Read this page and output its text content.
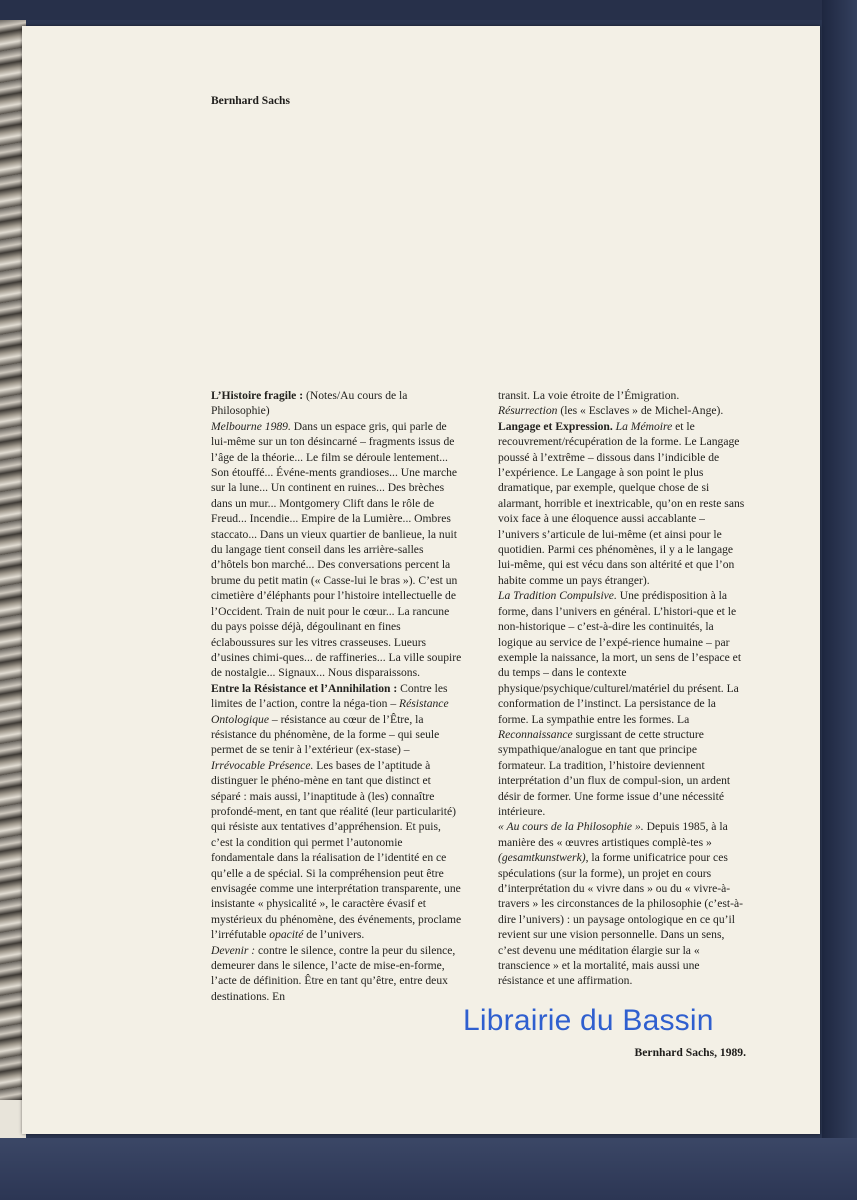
Bernhard Sachs

L’Histoire fragile : (Notes/Au cours de la Philosophie)

Melbourne 1989. Dans un espace gris, qui parle de lui-même sur un ton désincarné – fragments issus de l’âge de la théorie... Le film se déroule lentement... Son étouffé... Événe-ments grandioses... Une marche sur la lune... Un continent en ruines... Des brèches dans un mur... Montgomery Clift dans le rôle de Freud... Incendie... Empire de la Lumière... Ombres staccato... Dans un vieux quartier de banlieue, la nuit du langage tient conseil dans les arrière-salles d’hôtels bon marché... Des conversations percent la brume du petit matin (« Casse-lui le bras »). C’est un cimetière d’éléphants pour l’histoire intellectuelle de l’Occident. Train de nuit pour le cœur... La rancune du pays poisse déjà, dégoulinant en fines éclaboussures sur les vitres crasseuses. Lueurs d’usines chimi-ques... de raffineries... La ville soupire de nostalgie... Signaux... Nous disparaissons.

Entre la Résistance et l’Annihilation : Contre les limites de l’action, contre la néga-tion – Résistance Ontologique – résistance au cœur de l’Être, la résistance du phénomène, de la forme – qui seule permet de se tenir à l’extérieur (ex-stase) – Irrévocable Présence. Les bases de l’aptitude à distinguer le phéno-mène en tant que distinct et séparé : mais aussi, l’inaptitude à (les) connaître profondé-ment, en tant que réalité (leur particularité) qui résiste aux tentatives d’appréhension. Et puis, c’est la condition qui permet l’autonomie fondamentale dans la réalisation de l’identité en ce qu’elle a de spécial. Si la compréhension peut être envisagée comme une interprétation transparente, une insistante « physicalité », le caractère évasif et mystérieux du phénomène, des événements, proclame l’irréfutable opacité de l’univers.

Devenir : contre le silence, contre la peur du silence, demeurer dans le silence, l’acte de mise-en-forme, l’acte de définition. Être en tant qu’être, entre deux destinations. En

transit. La voie étroite de l’Émigration.

Résurrection (les « Esclaves » de Michel-Ange).

Langage et Expression. La Mémoire et le recouvrement/récupération de la forme. Le Langage poussé à l’extrême – dissous dans l’indicible de l’expérience. Le Langage à son point le plus dramatique, par exemple, quelque chose de si alarmant, horrible et inextricable, qu’on en reste sans voix face à une éloquence aussi accablante – l’univers s’articule de lui-même (et ainsi pour le quotidien. Parmi ces phénomènes, il y a le langage lui-même, qui est vécu dans son altérité et que l’on habite comme un pays étranger).

La Tradition Compulsive. Une prédisposition à la forme, dans l’univers en général. L’histori-que et le non-historique – c’est-à-dire les continuités, la logique au service de l’expé-rience humaine – par exemple la naissance, la mort, un sens de l’espace et du temps – dans le contexte physique/psychique/culturel/matériel du présent. La conformation de l’instinct. La persistance de la forme. La sympathie entre les formes. La Reconnaissance surgissant de cette structure sympathique/analogue en tant que principe formateur. La tradition, l’histoire deviennent interprétation d’un flux de compul-sion, un ardent désir de former. Une forme issue d’une nécessité intérieure.

« Au cours de la Philosophie ». Depuis 1985, à la manière des « œuvres artistiques complè-tes » (gesamtkunstwerk), la forme unificatrice pour ces spéculations (sur la forme), un projet en cours d’interprétation du « vivre dans » ou du « vivre-à-travers » les circonstances de la philosophie (c’est-à-dire l’univers) : un paysage ontologique en ce qu’il revient sur une vision personnelle. Dans un sens, c’est devenu une méditation élargie sur la « transcience » et la mortalité, mais aussi une résistance et une affirmation.

Bernhard Sachs, 1989.
Librairie du Bassin
